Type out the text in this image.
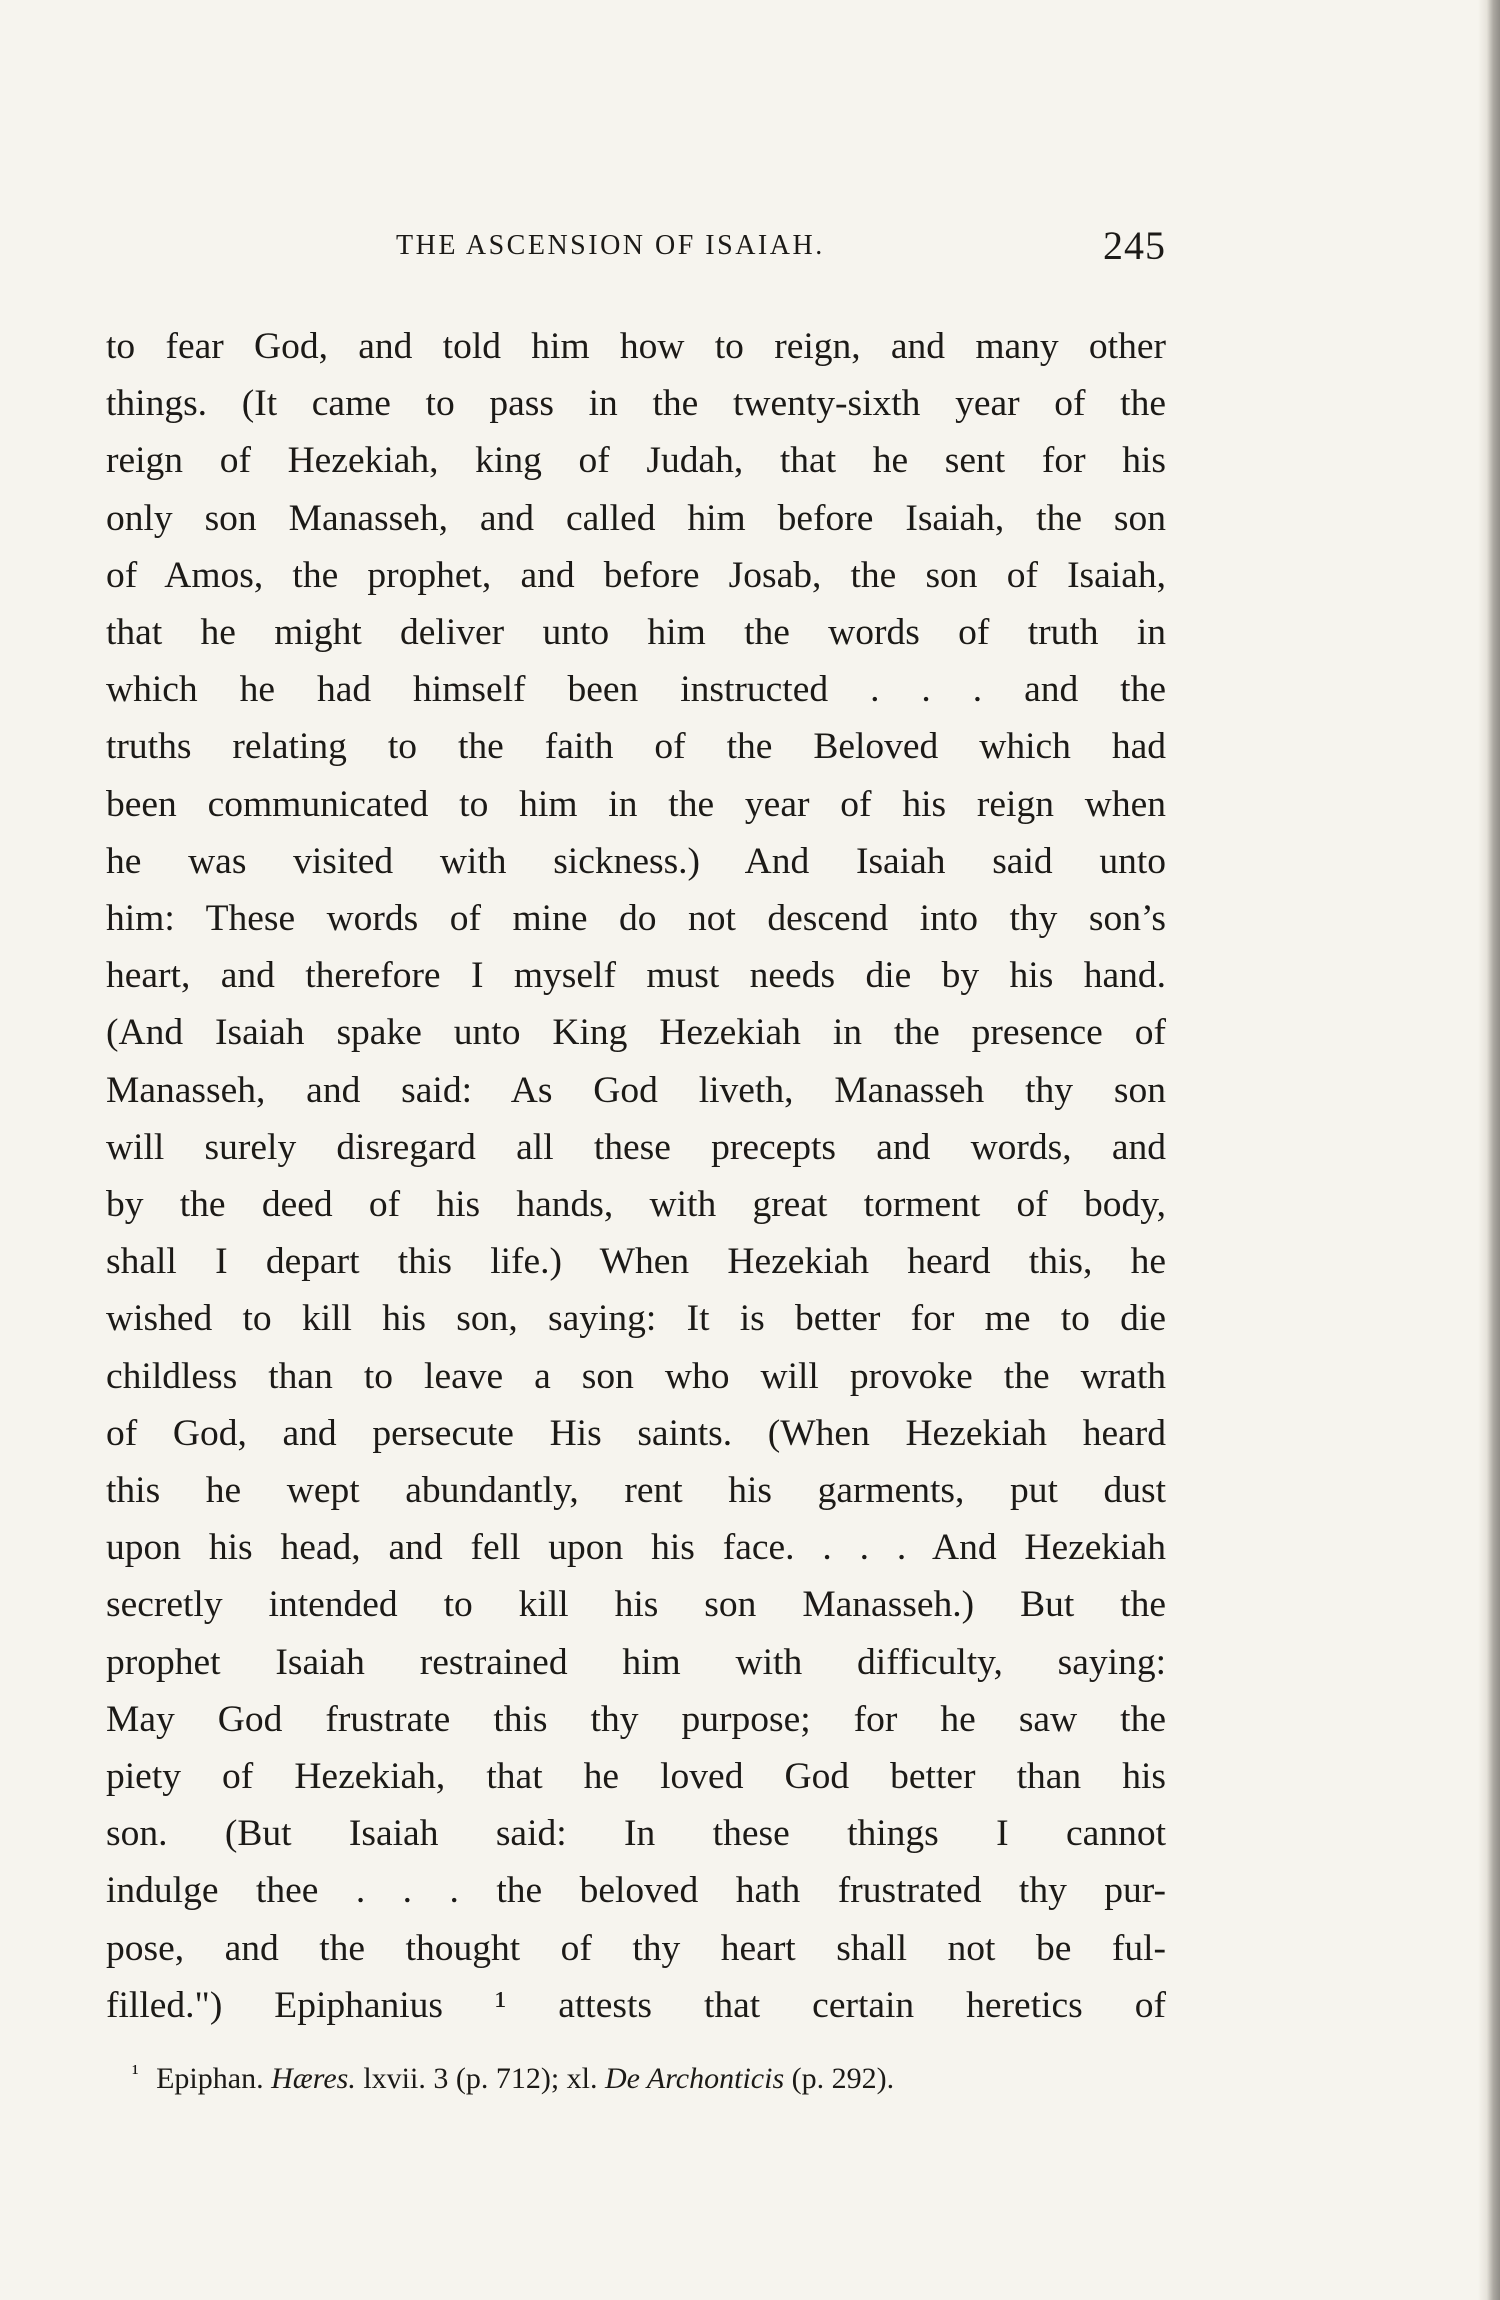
THE ASCENSION OF ISAIAH.	245
to fear God, and told him how to reign, and many other
things. (It came to pass in the twenty-sixth year of the
reign of Hezekiah, king of Judah, that he sent for his
only son Manasseh, and called him before Isaiah, the son
of Amos, the prophet, and before Josab, the son of Isaiah,
that he might deliver unto him the words of truth in
which he had himself been instructed . . . and the
truths relating to the faith of the Beloved which had
been communicated to him in the year of his reign when
he was visited with sickness.) And Isaiah said unto
him: These words of mine do not descend into thy son’s
heart, and therefore I myself must needs die by his hand.
(And Isaiah spake unto King Hezekiah in the presence of
Manasseh, and said: As God liveth, Manasseh thy son
will surely disregard all these precepts and words, and
by the deed of his hands, with great torment of body,
shall I depart this life.) When Hezekiah heard this, he
wished to kill his son, saying: It is better for me to die
childless than to leave a son who will provoke the wrath
of God, and persecute His saints. (When Hezekiah heard
this he wept abundantly, rent his garments, put dust
upon his head, and fell upon his face. . . . And Hezekiah
secretly intended to kill his son Manasseh.) But the
prophet Isaiah restrained him with difficulty, saying:
May God frustrate this thy purpose; for he saw the
piety of Hezekiah, that he loved God better than his
son. (But Isaiah said: In these things I cannot
indulge thee . . . the beloved hath frustrated thy pur-
pose, and the thought of thy heart shall not be ful-
filled.") Epiphanius ¹ attests that certain heretics of
$^{^1}$ Epiphan. Hæres. lxvii. 3 (p. 712); xl. De Archonticis (p. 292).
